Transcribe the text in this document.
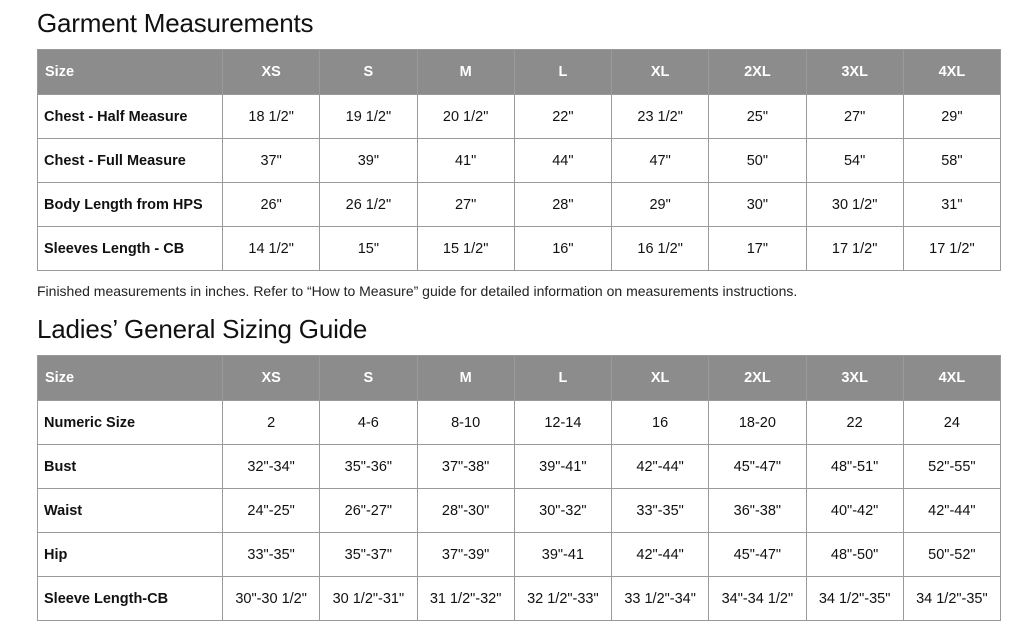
Garment Measurements
Size	XS	S	M	L	XL	2XL	3XL	4XL
Chest - Half Measure	18 1/2"	19 1/2"	20 1/2"	22"	23 1/2"	25"	27"	29"
Chest - Full Measure	37"	39"	41"	44"	47"	50"	54"	58"
Body Length from HPS	26"	26 1/2"	27"	28"	29"	30"	30 1/2"	31"
Sleeves Length - CB	14 1/2"	15"	15 1/2"	16"	16 1/2"	17"	17 1/2"	17 1/2"

Finished measurements in inches. Refer to “How to Measure” guide for detailed information on measurements instructions.

Ladies’ General Sizing Guide
Size	XS	S	M	L	XL	2XL	3XL	4XL
Numeric Size	2	4-6	8-10	12-14	16	18-20	22	24
Bust	32"-34"	35"-36"	37"-38"	39"-41"	42"-44"	45"-47"	48"-51"	52"-55"
Waist	24"-25"	26"-27"	28"-30"	30"-32"	33"-35"	36"-38"	40"-42"	42"-44"
Hip	33"-35"	35"-37"	37"-39"	39"-41	42"-44"	45"-47"	48"-50"	50"-52"
Sleeve Length-CB	30"-30 1/2"	30 1/2"-31"	31 1/2"-32"	32 1/2"-33"	33 1/2"-34"	34"-34 1/2"	34 1/2"-35"	34 1/2"-35"
